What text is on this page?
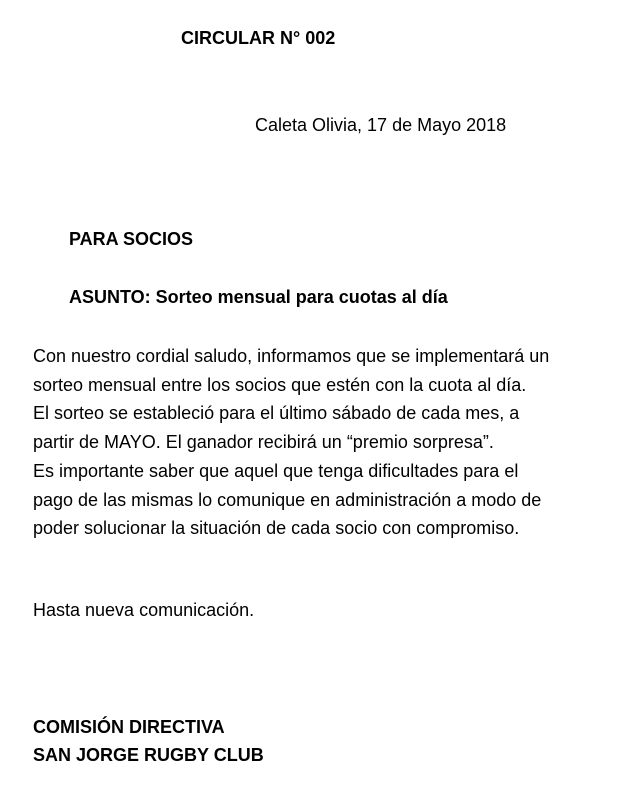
CIRCULAR N° 002
Caleta Olivia, 17 de Mayo 2018
PARA SOCIOS
ASUNTO: Sorteo mensual para cuotas al día
Con nuestro cordial saludo, informamos que se implementará un
sorteo mensual entre los socios que estén con la cuota al día.
El sorteo se estableció para el último sábado de cada mes, a
partir de MAYO. El ganador recibirá un “premio sorpresa”.
Es importante saber que aquel que tenga dificultades para el
pago de las mismas lo comunique en administración a modo de
poder solucionar la situación de cada socio con compromiso.
Hasta nueva comunicación.
COMISIÓN DIRECTIVA
SAN JORGE RUGBY CLUB
